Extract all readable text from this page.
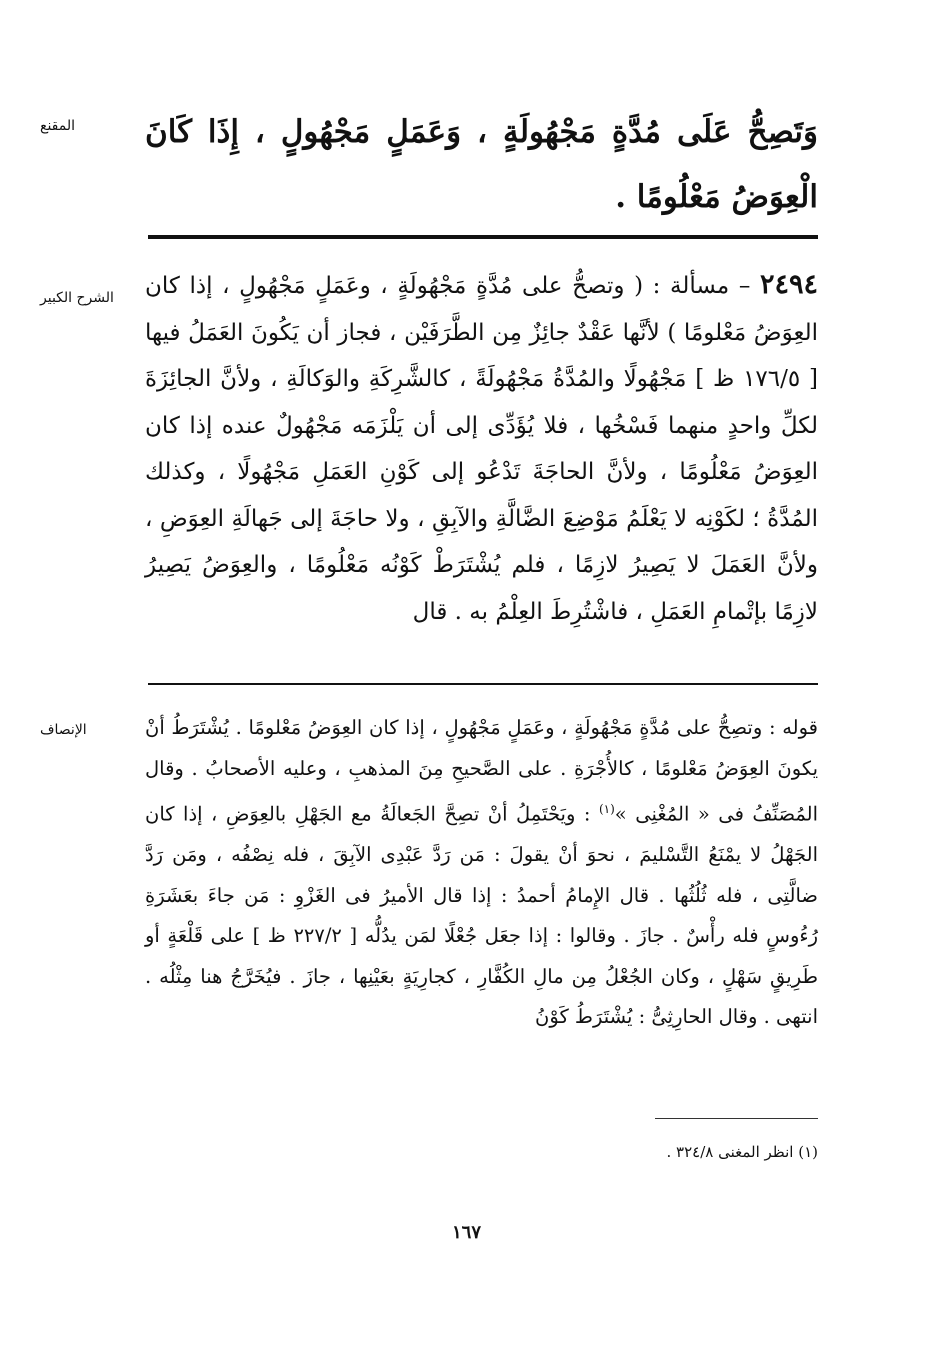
المقنع	وَتَصِحُّ عَلَى مُدَّةٍ مَجْهُولَةٍ ، وَعَمَلٍ مَجْهُولٍ ، إِذَا كَانَ الْعِوَضُ مَعْلُومًا .
الشرح الكبير	٢٤٩٤ – مسألة : ( وتصحُّ على مُدَّةٍ مَجْهُولَةٍ ، وعَمَلٍ مَجْهُولٍ ، إذا كان العِوَضُ مَعْلومًا ) لأنَّها عَقْدٌ جائِزٌ مِن الطَّرَفَيْن ، فجاز أن يَكُونَ العَمَلُ فيها [ ١٧٦/٥ ظ ] مَجْهُولًا والمُدَّةُ مَجْهُولَةً ، كالشَّرِكَةِ والوَكالَةِ ، ولأنَّ الجائِزَةَ لكلِّ واحدٍ منهما فَسْخُها ، فلا يُؤَدِّى إلى أن يَلْزَمَه مَجْهُولٌ عنده إذا كان العِوَضُ مَعْلُومًا ، ولأنَّ الحاجَةَ تَدْعُو إلى كَوْنِ العَمَلِ مَجْهُولًا ، وكذلك المُدَّةُ ؛ لكَوْنِه لا يَعْلَمُ مَوْضِعَ الضَّالَّةِ والآبِقِ ، ولا حاجَةَ إلى جَهالَةِ العِوَضِ ، ولأنَّ العَمَلَ لا يَصِيرُ لازِمًا ، فلم يُشْتَرَطْ كَوْنُه مَعْلُومًا ، والعِوَضُ يَصِيرُ لازِمًا بإتْمامِ العَمَلِ ، فاشْتُرِطَ العِلْمُ به . قال
الإنصاف	قوله : وتصِحُّ على مُدَّةٍ مَجْهُولَةٍ ، وعَمَلٍ مَجْهُولٍ ، إذا كان العِوَضُ مَعْلومًا . يُشْتَرَطُ أنْ يكونَ العِوَضُ مَعْلومًا ، كالأُجْرَةِ . على الصَّحيحِ مِنَ المذهبِ ، وعليه الأصحابُ . وقال المُصَنِّفُ فى « المُغْنِى »$^{(١)}$ : ويَحْتَمِلُ أنْ تصِحَّ الجَعالَةُ مع الجَهْلِ بالعِوَضِ ، إذا كان الجَهْلُ لا يمْنَعُ التَّسْليمَ ، نحوَ أنْ يقولَ : مَن رَدَّ عَبْدِى الآبِقَ ، فله نِصْفُه ، ومَن رَدَّ ضالَّتِى ، فله ثُلُثُها . قال الإِمامُ أحمدُ : إذا قال الأميرُ فى الغَزْوِ : مَن جاءَ بعَشَرَةِ رُءُوسٍ فله رأْسٌ . جازَ . وقالوا : إذا جعَل جُعْلًا لمَن يدُلُّه [ ٢٢٧/٢ ظ ] على قَلْعَةٍ أو طَرِيقٍ سَهْلٍ ، وكان الجُعْلُ مِن مالِ الكُفَّارِ ، كجارِيَةٍ بعَيْنِها ، جازَ . فيُخَرَّجُ هنا مِثْلُه . انتهى . وقال الحارِثِىُّ : يُشْتَرَطُ كَوْنُ
(١) انظر المغنى ٣٢٤/٨ .
١٦٧
